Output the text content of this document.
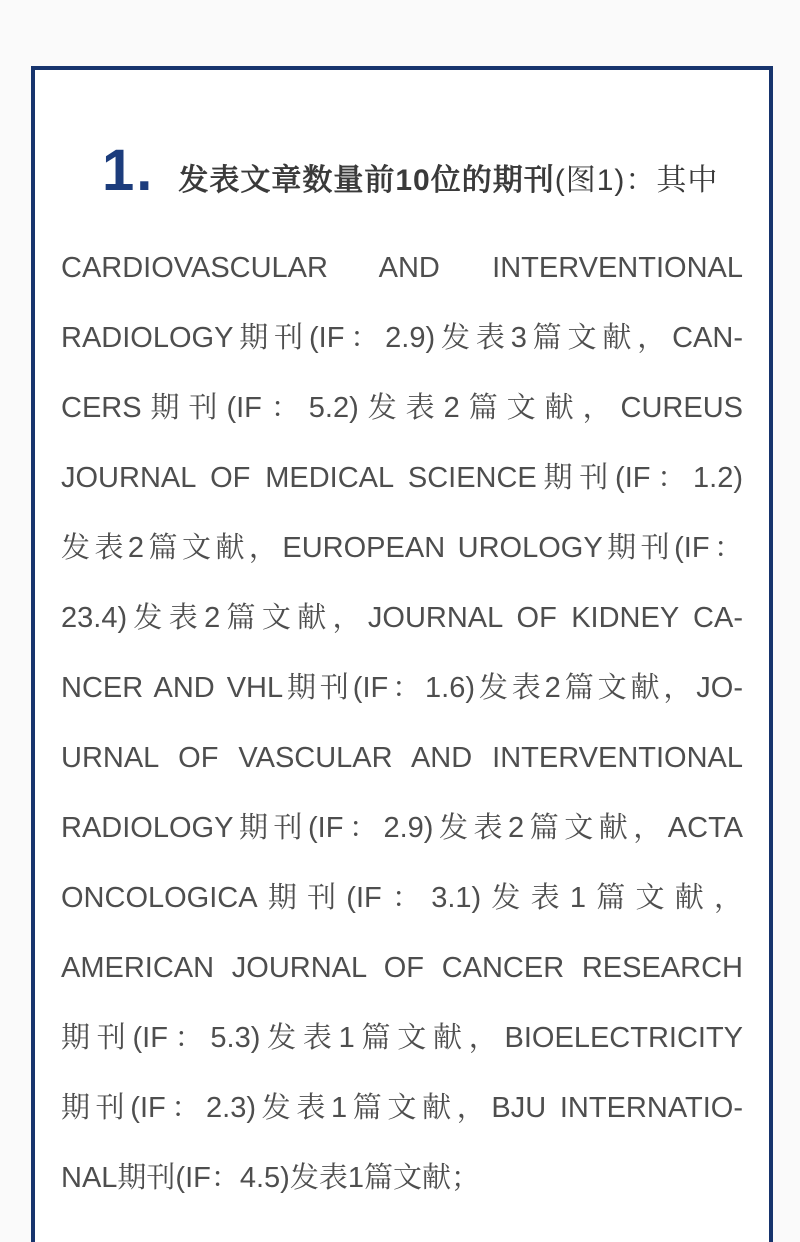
1. 发表文章数量前10位的期刊(图1)：其中
CARDIOVASCULAR AND INTERVENTIONAL
RADIOLOGY期刊(IF：2.9)发表3篇文献，CAN-
CERS期刊(IF：5.2)发表2篇文献，CUREUS
JOURNAL OF MEDICAL SCIENCE期刊(IF：1.2)
发表2篇文献，EUROPEAN UROLOGY期刊(IF：
23.4)发表2篇文献，JOURNAL OF KIDNEY CA-
NCER AND VHL期刊(IF：1.6)发表2篇文献，JO-
URNAL OF VASCULAR AND INTERVENTIONAL
RADIOLOGY期刊(IF：2.9)发表2篇文献，ACTA
ONCOLOGICA期刊(IF：3.1)发表1篇文献，
AMERICAN JOURNAL OF CANCER RESEARCH
期刊(IF：5.3)发表1篇文献，BIOELECTRICITY
期刊(IF：2.3)发表1篇文献，BJU INTERNATIO-
NAL期刊(IF：4.5)发表1篇文献；
